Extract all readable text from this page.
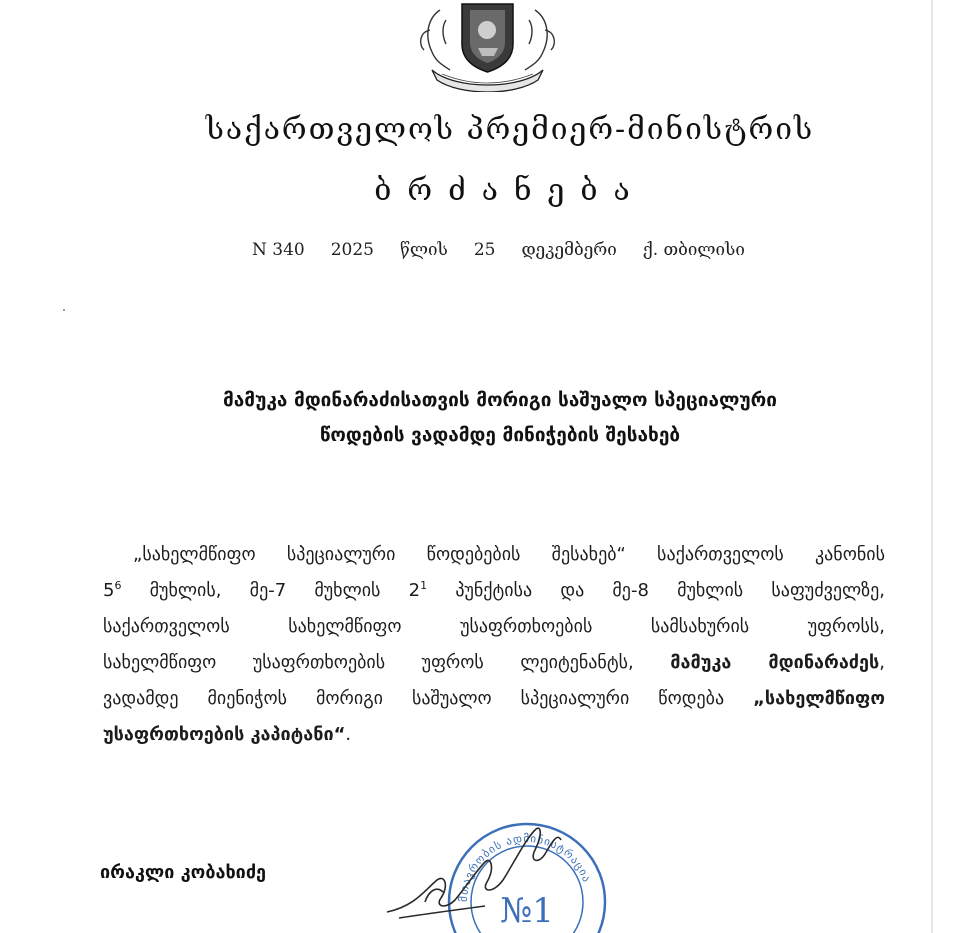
საქართველოს პრემიერ-მინისტრის
ბრძანება
N 340 2025 წლის 25 დეკემბერი ქ. თბილისი
მამუკა მდინარაძისათვის მორიგი საშუალო სპეციალური
წოდების ვადამდე მინიჭების შესახებ
„სახელმწიფო სპეციალური წოდებების შესახებ“ საქართველოს კანონის
$5^6$ მუხლის, მე-7 მუხლის $2^1$ პუნქტისა და მე-8 მუხლის საფუძველზე,
საქართველოს სახელმწიფო უსაფრთხოების სამსახურის უფროსს,
სახელმწიფო უსაფრთხოების უფროს ლეიტენანტს, მამუკა მდინარაძეს,
ვადამდე მიენიჭოს მორიგი საშუალო სპეციალური წოდება „სახელმწიფო
უსაფრთხოების კაპიტანი“.
ირაკლი კობახიძე
მთავრობის ადმინისტრაცია
№1
